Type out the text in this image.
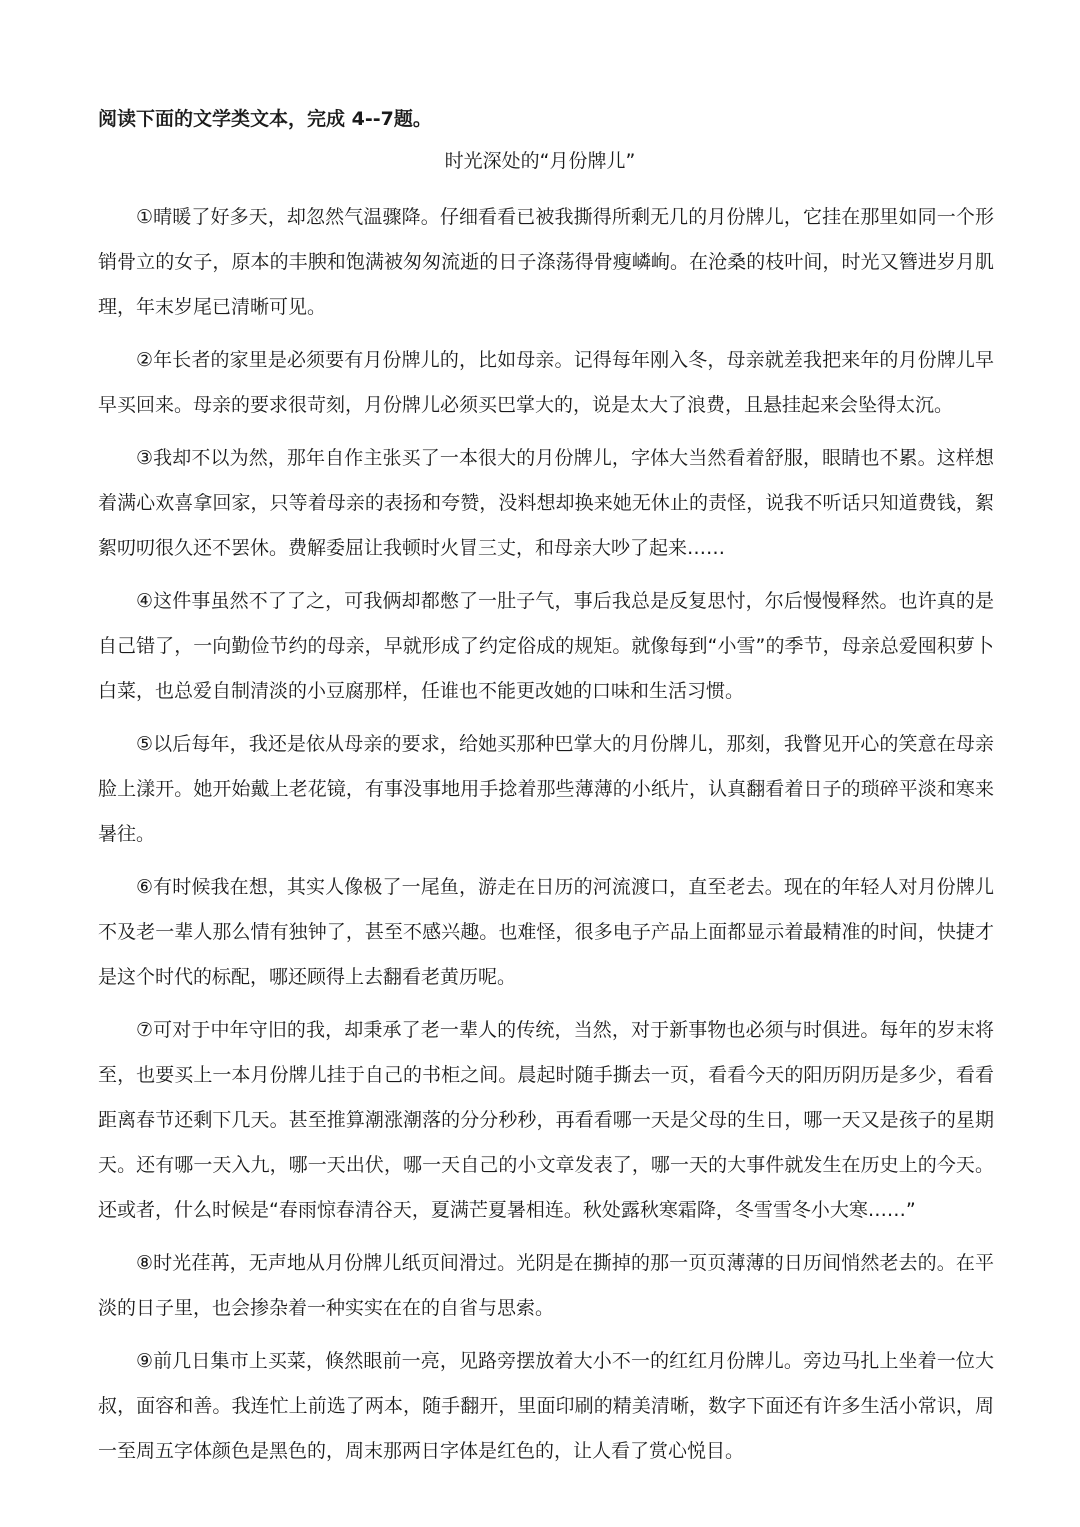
阅读下面的文学类文本，完成 4--7题。
时光深处的“月份牌儿”

①晴暖了好多天，却忽然气温骤降。仔细看看已被我撕得所剩无几的月份牌儿，它挂在那里如同一个形销骨立的女子，原本的丰腴和饱满被匆匆流逝的日子涤荡得骨瘦嶙峋。在沧桑的枝叶间，时光又簪进岁月肌理，年末岁尾已清晰可见。

②年长者的家里是必须要有月份牌儿的，比如母亲。记得每年刚入冬，母亲就差我把来年的月份牌儿早早买回来。母亲的要求很苛刻，月份牌儿必须买巴掌大的，说是太大了浪费，且悬挂起来会坠得太沉。

③我却不以为然，那年自作主张买了一本很大的月份牌儿，字体大当然看着舒服，眼睛也不累。这样想着满心欢喜拿回家，只等着母亲的表扬和夸赞，没料想却换来她无休止的责怪，说我不听话只知道费钱，絮絮叨叨很久还不罢休。费解委屈让我顿时火冒三丈，和母亲大吵了起来……

④这件事虽然不了了之，可我俩却都憋了一肚子气，事后我总是反复思忖，尔后慢慢释然。也许真的是自己错了，一向勤俭节约的母亲，早就形成了约定俗成的规矩。就像每到“小雪”的季节，母亲总爱囤积萝卜白菜，也总爱自制清淡的小豆腐那样，任谁也不能更改她的口味和生活习惯。

⑤以后每年，我还是依从母亲的要求，给她买那种巴掌大的月份牌儿，那刻，我瞥见开心的笑意在母亲脸上漾开。她开始戴上老花镜，有事没事地用手捻着那些薄薄的小纸片，认真翻看着日子的琐碎平淡和寒来暑往。

⑥有时候我在想，其实人像极了一尾鱼，游走在日历的河流渡口，直至老去。现在的年轻人对月份牌儿不及老一辈人那么情有独钟了，甚至不感兴趣。也难怪，很多电子产品上面都显示着最精准的时间，快捷才是这个时代的标配，哪还顾得上去翻看老黄历呢。

⑦可对于中年守旧的我，却秉承了老一辈人的传统，当然，对于新事物也必须与时俱进。每年的岁末将至，也要买上一本月份牌儿挂于自己的书柜之间。晨起时随手撕去一页，看看今天的阳历阴历是多少，看看距离春节还剩下几天。甚至推算潮涨潮落的分分秒秒，再看看哪一天是父母的生日，哪一天又是孩子的星期天。还有哪一天入九，哪一天出伏，哪一天自己的小文章发表了，哪一天的大事件就发生在历史上的今天。还或者，什么时候是“春雨惊春清谷天，夏满芒夏暑相连。秋处露秋寒霜降，冬雪雪冬小大寒……”

⑧时光荏苒，无声地从月份牌儿纸页间滑过。光阴是在撕掉的那一页页薄薄的日历间悄然老去的。在平淡的日子里，也会掺杂着一种实实在在的自省与思索。

⑨前几日集市上买菜，倏然眼前一亮，见路旁摆放着大小不一的红红月份牌儿。旁边马扎上坐着一位大叔，面容和善。我连忙上前选了两本，随手翻开，里面印刷的精美清晰，数字下面还有许多生活小常识，周一至周五字体颜色是黑色的，周末那两日字体是红色的，让人看了赏心悦目。
